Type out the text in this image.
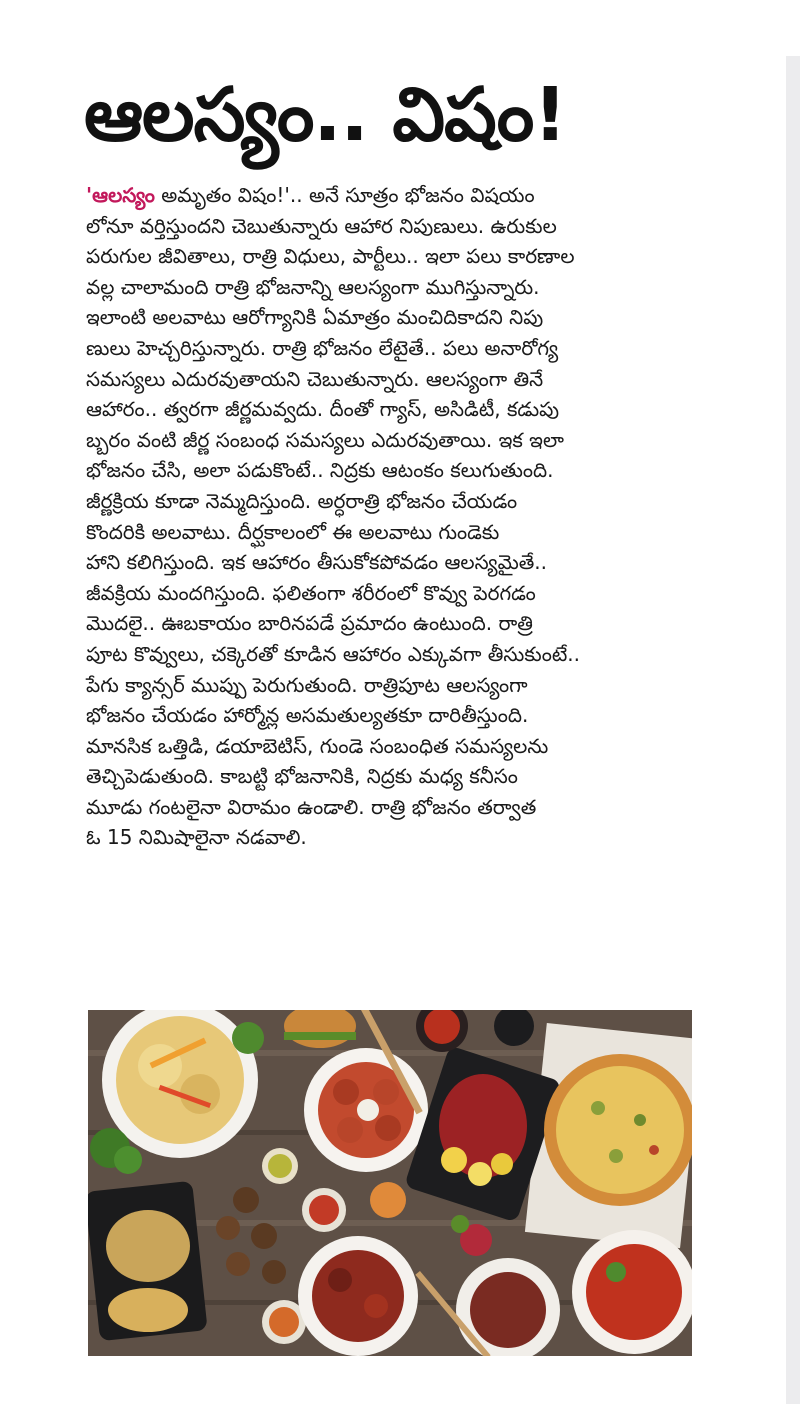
ఆలస్యం.. విషం!
'ఆలస్యం అమృతం విషం!'.. అనే సూత్రం భోజనం విషయం
లోనూ వర్తిస్తుందని చెబుతున్నారు ఆహార నిపుణులు. ఉరుకుల
పరుగుల జీవితాలు, రాత్రి విధులు, పార్టీలు.. ఇలా పలు కారణాల
వల్ల చాలామంది రాత్రి భోజనాన్ని ఆలస్యంగా ముగిస్తున్నారు.
ఇలాంటి అలవాటు ఆరోగ్యానికి ఏమాత్రం మంచిదికాదని నిపు
ణులు హెచ్చరిస్తున్నారు. రాత్రి భోజనం లేటైతే.. పలు అనారోగ్య
సమస్యలు ఎదురవుతాయని చెబుతున్నారు. ఆలస్యంగా తినే
ఆహారం.. త్వరగా జీర్ణమవ్వదు. దీంతో గ్యాస్, అసిడిటీ, కడుపు
బ్బరం వంటి జీర్ణ సంబంధ సమస్యలు ఎదురవుతాయి. ఇక ఇలా
భోజనం చేసి, అలా పడుకొంటే.. నిద్రకు ఆటంకం కలుగుతుంది.
జీర్ణక్రియ కూడా నెమ్మదిస్తుంది. అర్ధరాత్రి భోజనం చేయడం
కొందరికి అలవాటు. దీర్ఘకాలంలో ఈ అలవాటు గుండెకు
హాని కలిగిస్తుంది. ఇక ఆహారం తీసుకోకపోవడం ఆలస్యమైతే..
జీవక్రియ మందగిస్తుంది. ఫలితంగా శరీరంలో కొవ్వు పెరగడం
మొదలై.. ఊబకాయం బారినపడే ప్రమాదం ఉంటుంది. రాత్రి
పూట కొవ్వులు, చక్కెరతో కూడిన ఆహారం ఎక్కువగా తీసుకుంటే..
పేగు క్యాన్సర్ ముప్పు పెరుగుతుంది. రాత్రిపూట ఆలస్యంగా
భోజనం చేయడం హార్మోన్ల అసమతుల్యతకూ దారితీస్తుంది.
మానసిక ఒత్తిడి, డయాబెటిస్, గుండె సంబంధిత సమస్యలను
తెచ్చిపెడుతుంది. కాబట్టి భోజనానికి, నిద్రకు మధ్య కనీసం
మూడు గంటలైనా విరామం ఉండాలి. రాత్రి భోజనం తర్వాత
ఓ 15 నిమిషాలైనా నడవాలి.
